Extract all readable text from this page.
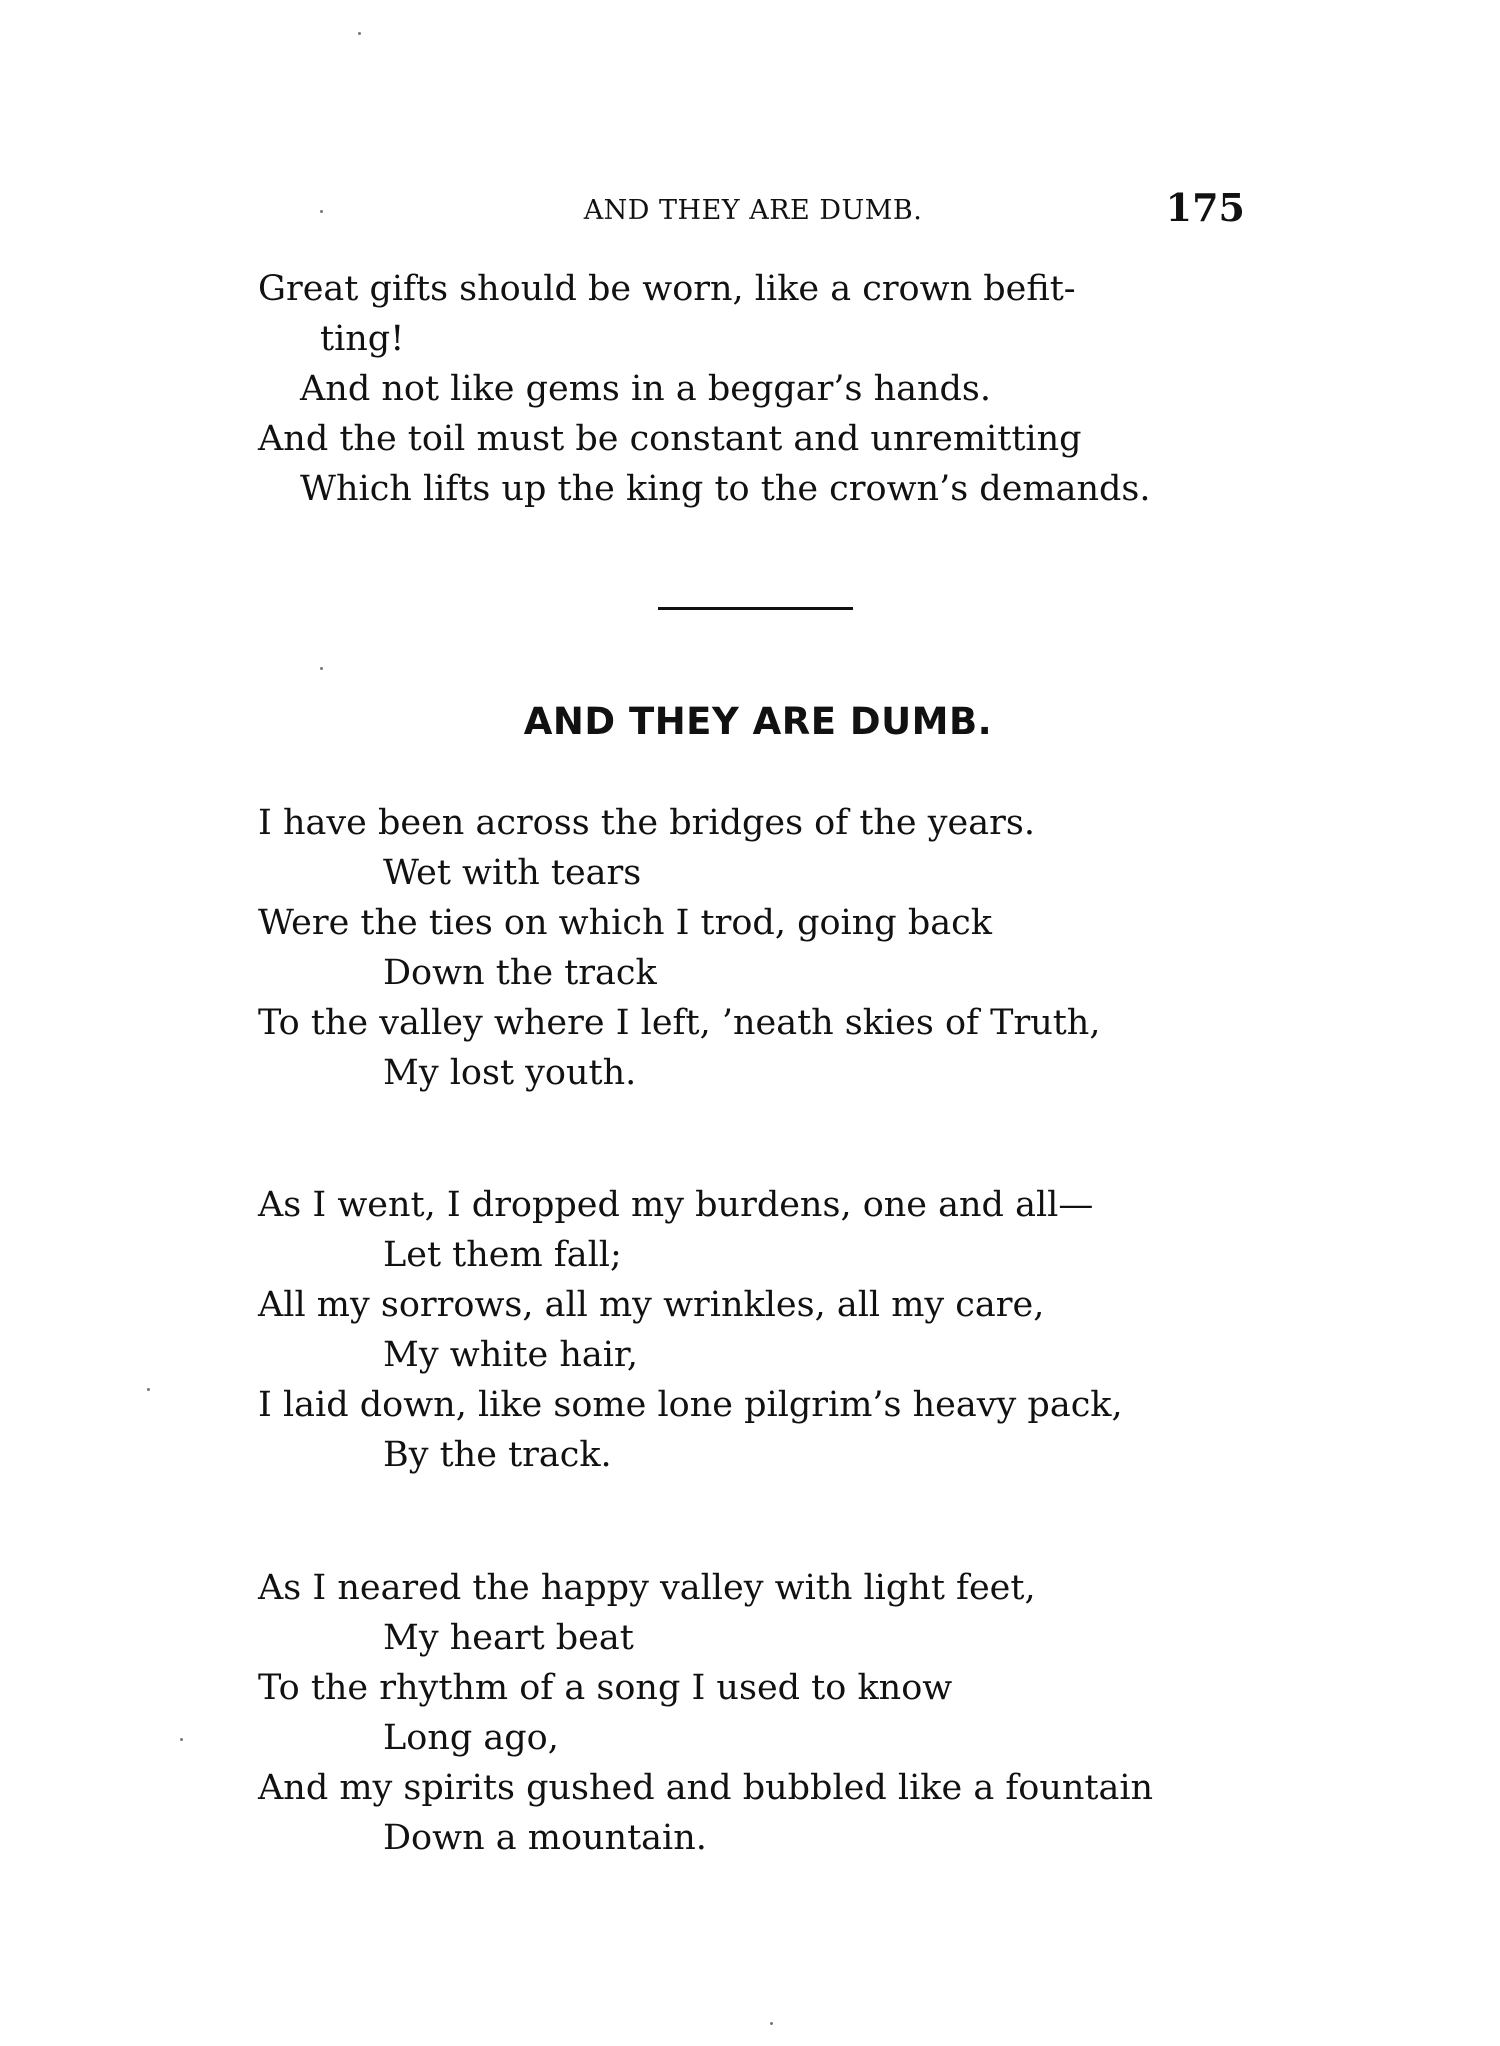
AND THEY ARE DUMB.	175
Great gifts should be worn, like a crown befit-
ting!
And not like gems in a beggar’s hands.
And the toil must be constant and unremitting
Which lifts up the king to the crown’s demands.
AND THEY ARE DUMB.
I have been across the bridges of the years.
Wet with tears
Were the ties on which I trod, going back
Down the track
To the valley where I left, ’neath skies of Truth,
My lost youth.
As I went, I dropped my burdens, one and all—
Let them fall;
All my sorrows, all my wrinkles, all my care,
My white hair,
I laid down, like some lone pilgrim’s heavy pack,
By the track.
As I neared the happy valley with light feet,
My heart beat
To the rhythm of a song I used to know
Long ago,
And my spirits gushed and bubbled like a fountain
Down a mountain.
